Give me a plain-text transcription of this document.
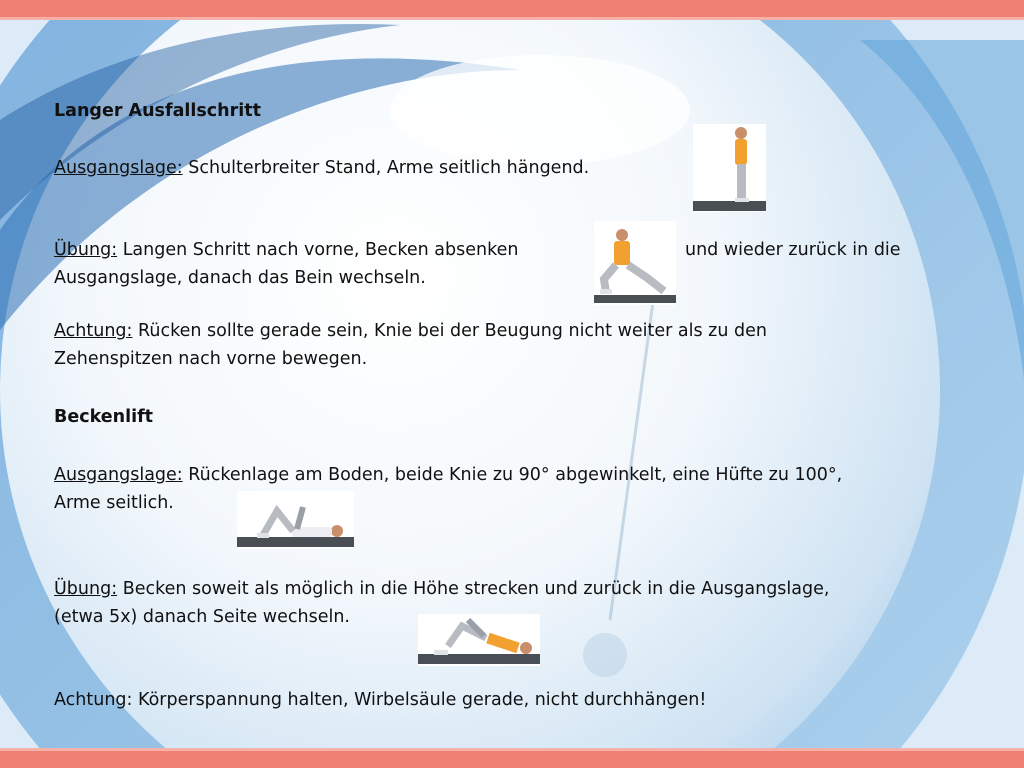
Langer Ausfallschritt
Ausgangslage: Schulterbreiter Stand, Arme seitlich hängend.
Übung: Langen Schritt nach vorne, Becken absenken	und wieder zurück in die
Ausgangslage, danach das Bein wechseln.
Achtung: Rücken sollte gerade sein, Knie bei der Beugung nicht weiter als zu den
Zehenspitzen nach vorne bewegen.
Beckenlift
Ausgangslage: Rückenlage am Boden, beide Knie zu 90° abgewinkelt, eine Hüfte zu 100°,
Arme seitlich.
Übung: Becken soweit als möglich in die Höhe strecken und zurück in die Ausgangslage,
(etwa 5x) danach Seite wechseln.
Achtung: Körperspannung halten, Wirbelsäule gerade, nicht durchhängen!
